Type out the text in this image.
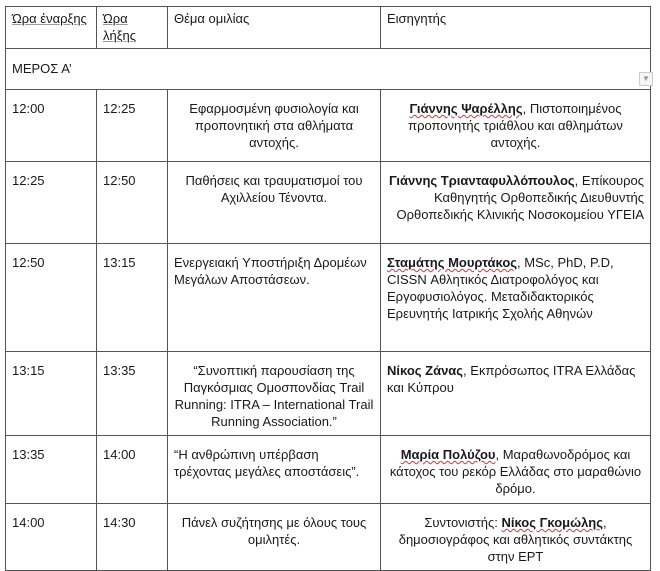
Ώρα έναρξης	Ώρα λήξης	Θέμα ομιλίας	Εισηγητής
ΜΕΡΟΣ Α’			
12:00	12:25	Εφαρμοσμένη φυσιολογία και προπονητική στα αθλήματα αντοχής.	Γιάννης Ψαρέλλης, Πιστοποιημένος προπονητής τριάθλου και αθλημάτων αντοχής.
12:25	12:50	Παθήσεις και τραυματισμοί του Αχιλλείου Τένοντα.	Γιάννης Τριανταφυλλόπουλος, Επίκουρος Καθηγητής Ορθοπεδικής Διευθυντής Ορθοπεδικής Κλινικής Νοσοκομείου ΥΓΕΙΑ
12:50	13:15	Ενεργειακή Υποστήριξη Δρομέων Μεγάλων Αποστάσεων.	Σταμάτης Μουρτάκος, MSc, PhD, P.D, CISSN Αθλητικός Διατροφολόγος και Εργοφυσιολόγος. Μεταδιδακτορικός Ερευνητής Ιατρικής Σχολής Αθηνών
13:15	13:35	“Συνοπτική παρουσίαση της Παγκόσμιας Ομοσπονδίας Trail Running: ITRA – International Trail Running Association.”	Νίκος Ζάνας, Εκπρόσωπος ITRA Ελλάδας και Κύπρου
13:35	14:00	“Η ανθρώπινη υπέρβαση τρέχοντας μεγάλες αποστάσεις”.	Μαρία Πολύζου, Μαραθωνοδρόμος και κάτοχος του ρεκόρ Ελλάδας στο μαραθώνιο δρόμο.
14:00	14:30	Πάνελ συζήτησης με όλους τους ομιλητές.	Συντονιστής: Νίκος Γκομώλης, δημοσιογράφος και αθλητικός συντάκτης στην ΕΡΤ
▼
